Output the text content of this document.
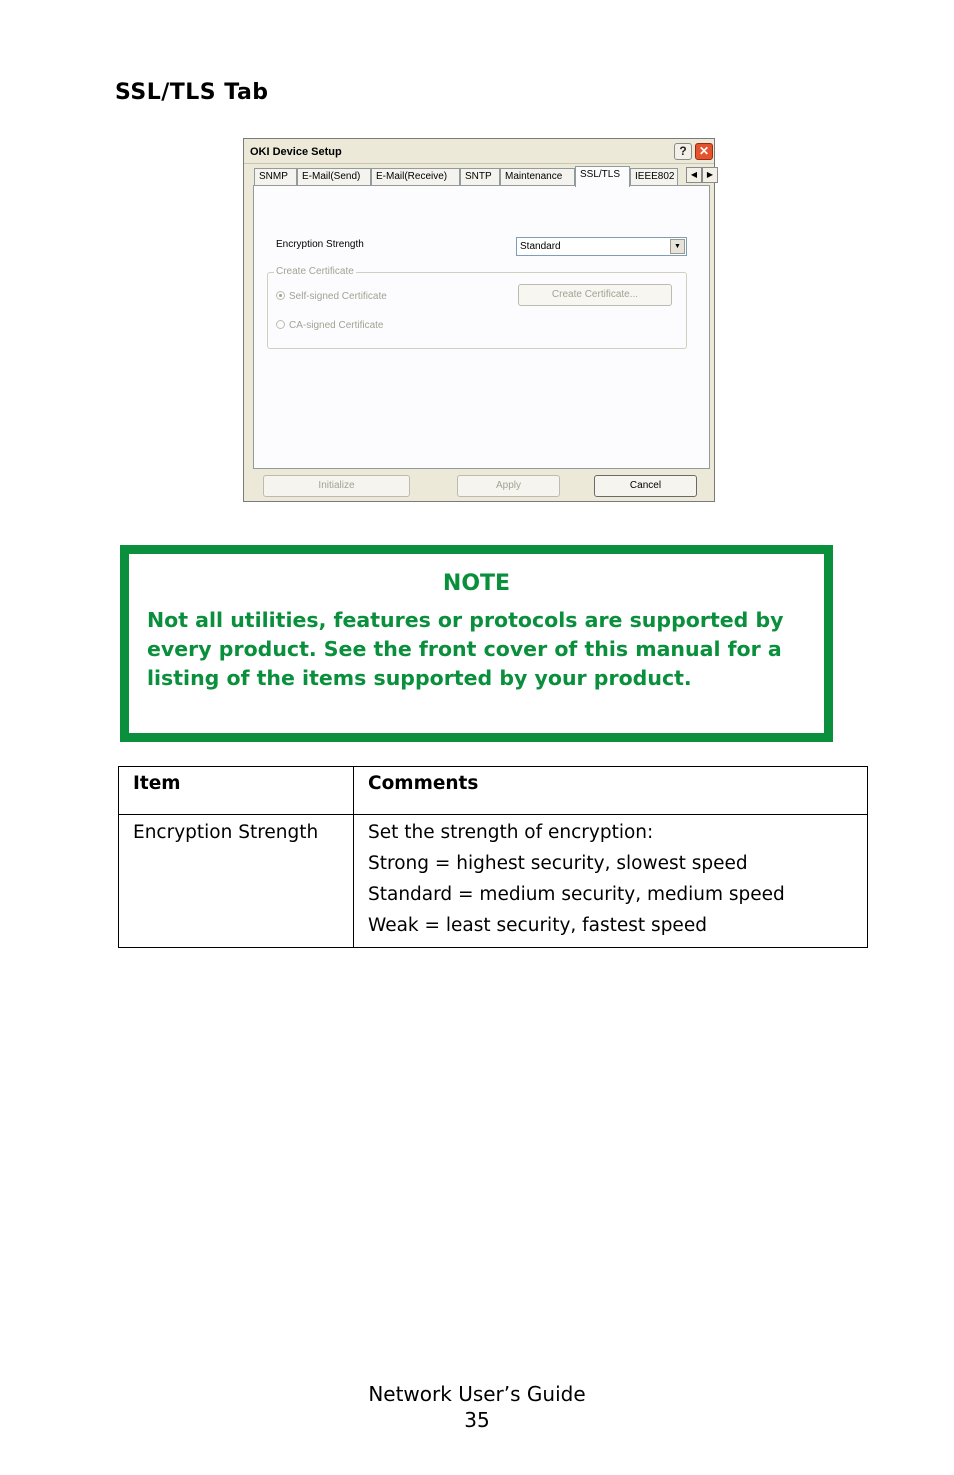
SSL/TLS Tab
OKI Device Setup	?	✕
SNMP	E-Mail(Send)	E-Mail(Receive)	SNTP	Maintenance	SSL/TLS	IEEE802	◀	▶
Encryption Strength	Standard	▼
Create Certificate
Self-signed Certificate
CA-signed Certificate
Create Certificate...
Initialize	Apply	Cancel
NOTE
Not all utilities, features or protocols are supported by every product. See the front cover of this manual for a listing of the items supported by your product.
Item	Comments

Encryption Strength	Set the strength of encryption:
Strong = highest security, slowest speed
Standard = medium security, medium speed
Weak = least security, fastest speed
Network User’s Guide
35
